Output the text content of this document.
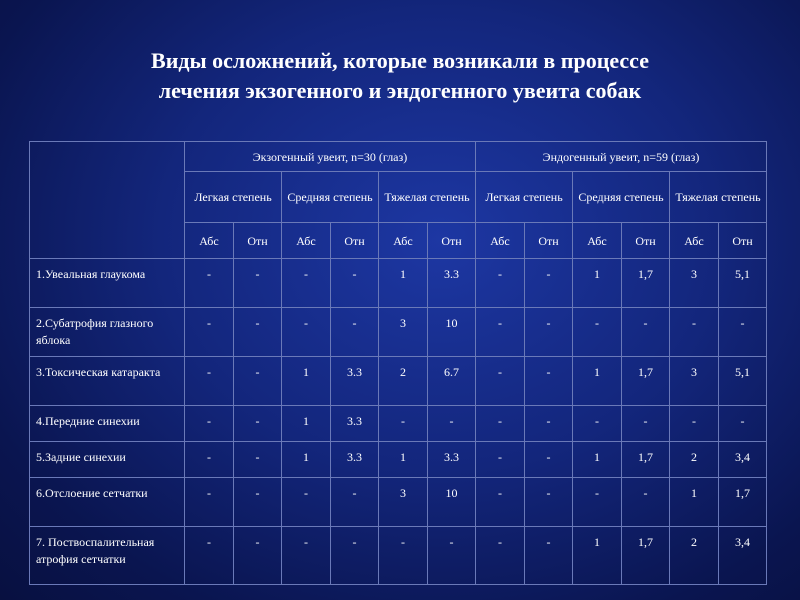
Виды осложнений, которые возникали в процессе
лечения экзогенного и эндогенного увеита собак
	Экзогенный увеит, n=30 (глаз)						Эндогенный увеит, n=59 (глаз)					
	Легкая степень		Средняя степень		Тяжелая степень		Легкая степень		Средняя степень		Тяжелая степень	
	Абс	Отн	Абс	Отн	Абс	Отн	Абс	Отн	Абс	Отн	Абс	Отн
1.Увеальная глаукома	-	-	-	-	1	3.3	-	-	1	1,7	3	5,1
2.Субатрофия глазного яблока	-	-	-	-	3	10	-	-	-	-	-	-
3.Токсическая катаракта	-	-	1	3.3	2	6.7	-	-	1	1,7	3	5,1
4.Передние синехии	-	-	1	3.3	-	-	-	-	-	-	-	-
5.Задние синехии	-	-	1	3.3	1	3.3	-	-	1	1,7	2	3,4
6.Отслоение сетчатки	-	-	-	-	3	10	-	-	-	-	1	1,7
7. Поствоспалительная атрофия сетчатки	-	-	-	-	-	-	-	-	1	1,7	2	3,4
